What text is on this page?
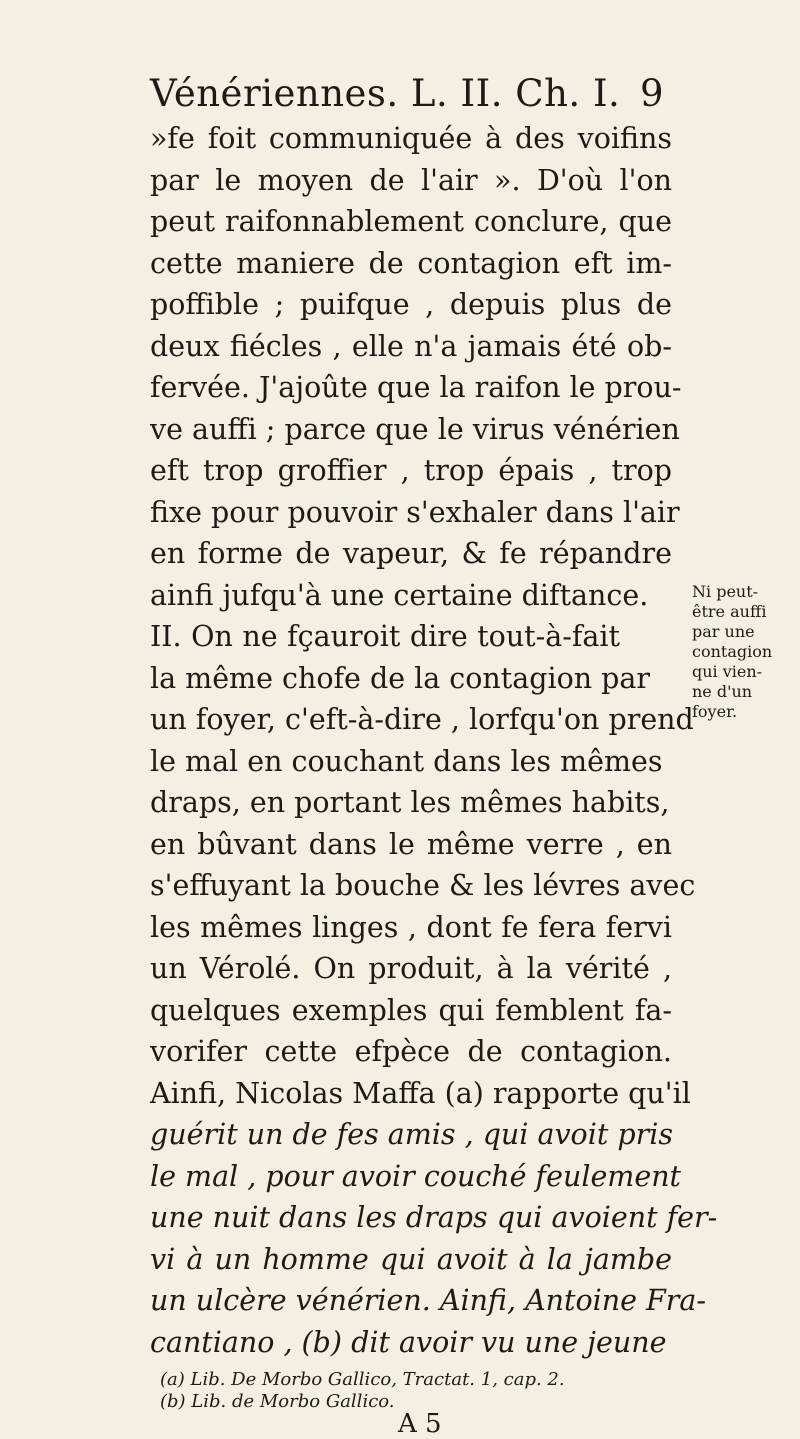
Vénériennes. L. II. Ch. I. 9
»fe foit communiquée à des voifins
par le moyen de l'air ». D'où l'on
peut raifonnablement conclure, que
cette maniere de contagion eft im-
poffible ; puifque , depuis plus de
deux fiécles , elle n'a jamais été ob-
fervée. J'ajoûte que la raifon le prou-
ve auffi ; parce que le virus vénérien
eft trop groffier , trop épais , trop
fixe pour pouvoir s'exhaler dans l'air
en forme de vapeur, & fe répandre
ainfi jufqu'à une certaine diftance.
II. On ne fçauroit dire tout-à-fait
la même chofe de la contagion par
un foyer, c'eft-à-dire , lorfqu'on prend
le mal en couchant dans les mêmes
draps, en portant les mêmes habits,
en bûvant dans le même verre , en
s'effuyant la bouche & les lévres avec
les mêmes linges , dont fe fera fervi
un Vérolé. On produit, à la vérité ,
quelques exemples qui femblent fa-
vorifer cette efpèce de contagion.
Ainfi, Nicolas Maffa (a) rapporte qu'il
guérit un de fes amis , qui avoit pris
le mal , pour avoir couché feulement
une nuit dans les draps qui avoient fer-
vi à un homme qui avoit à la jambe
un ulcère vénérien. Ainfi, Antoine Fra-
cantiano , (b) dit avoir vu une jeune
Ni peut-
être auffi
par une
contagion
qui vien-
ne d'un
foyer.
(a) Lib. De Morbo Gallico, Tractat. 1, cap. 2.
(b) Lib. de Morbo Gallico.
A 5
